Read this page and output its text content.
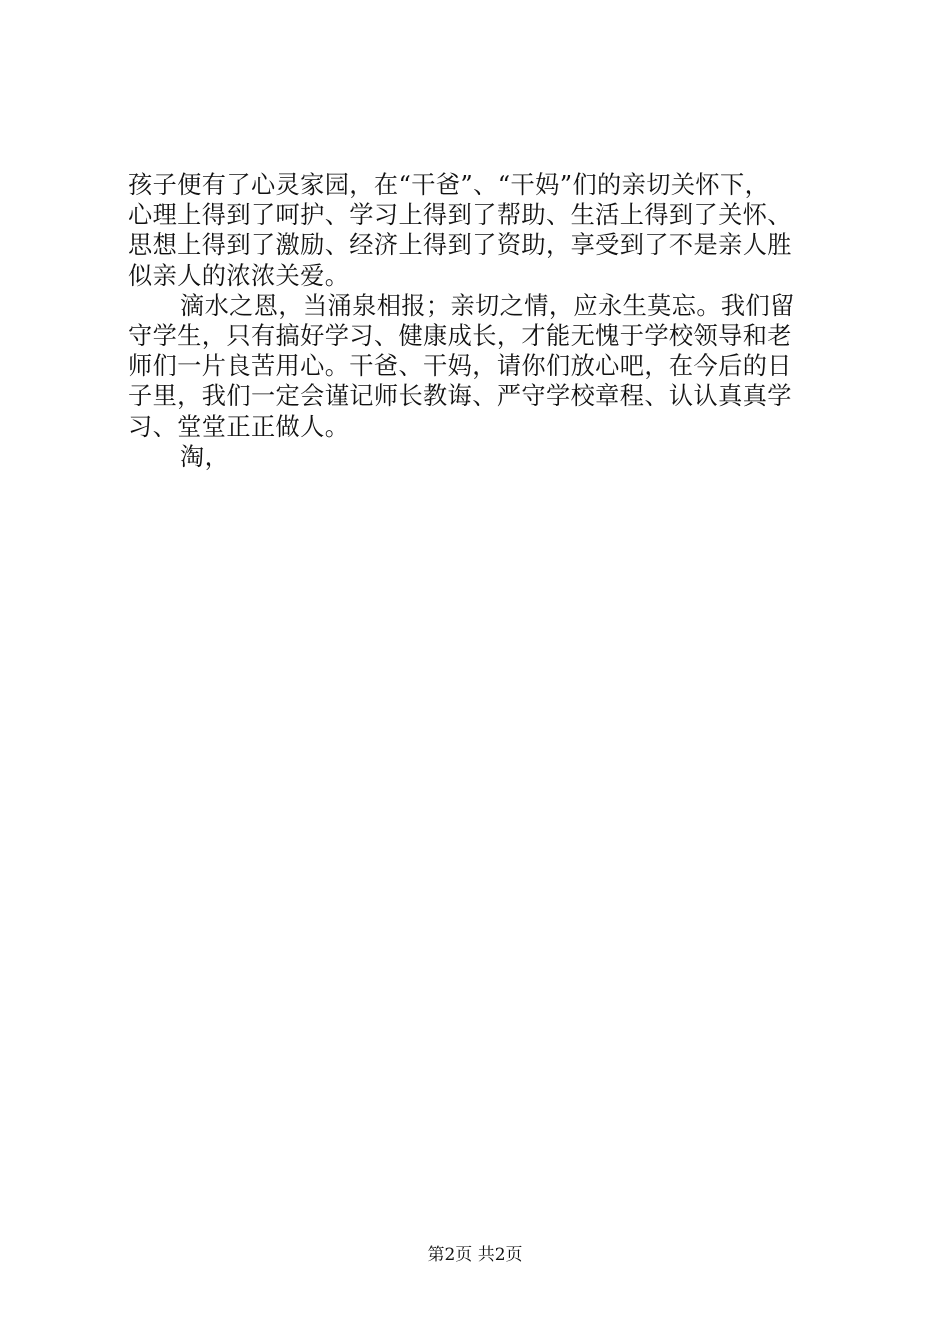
孩子便有了心灵家园，在“干爸”、“干妈”们的亲切关怀下，
心理上得到了呵护、学习上得到了帮助、生活上得到了关怀、
思想上得到了激励、经济上得到了资助，享受到了不是亲人胜
似亲人的浓浓关爱。
滴水之恩，当涌泉相报；亲切之情，应永生莫忘。我们留
守学生，只有搞好学习、健康成长，才能无愧于学校领导和老
师们一片良苦用心。干爸、干妈，请你们放心吧，在今后的日
子里，我们一定会谨记师长教诲、严守学校章程、认认真真学
习、堂堂正正做人。
淘，
第2页 共2页
